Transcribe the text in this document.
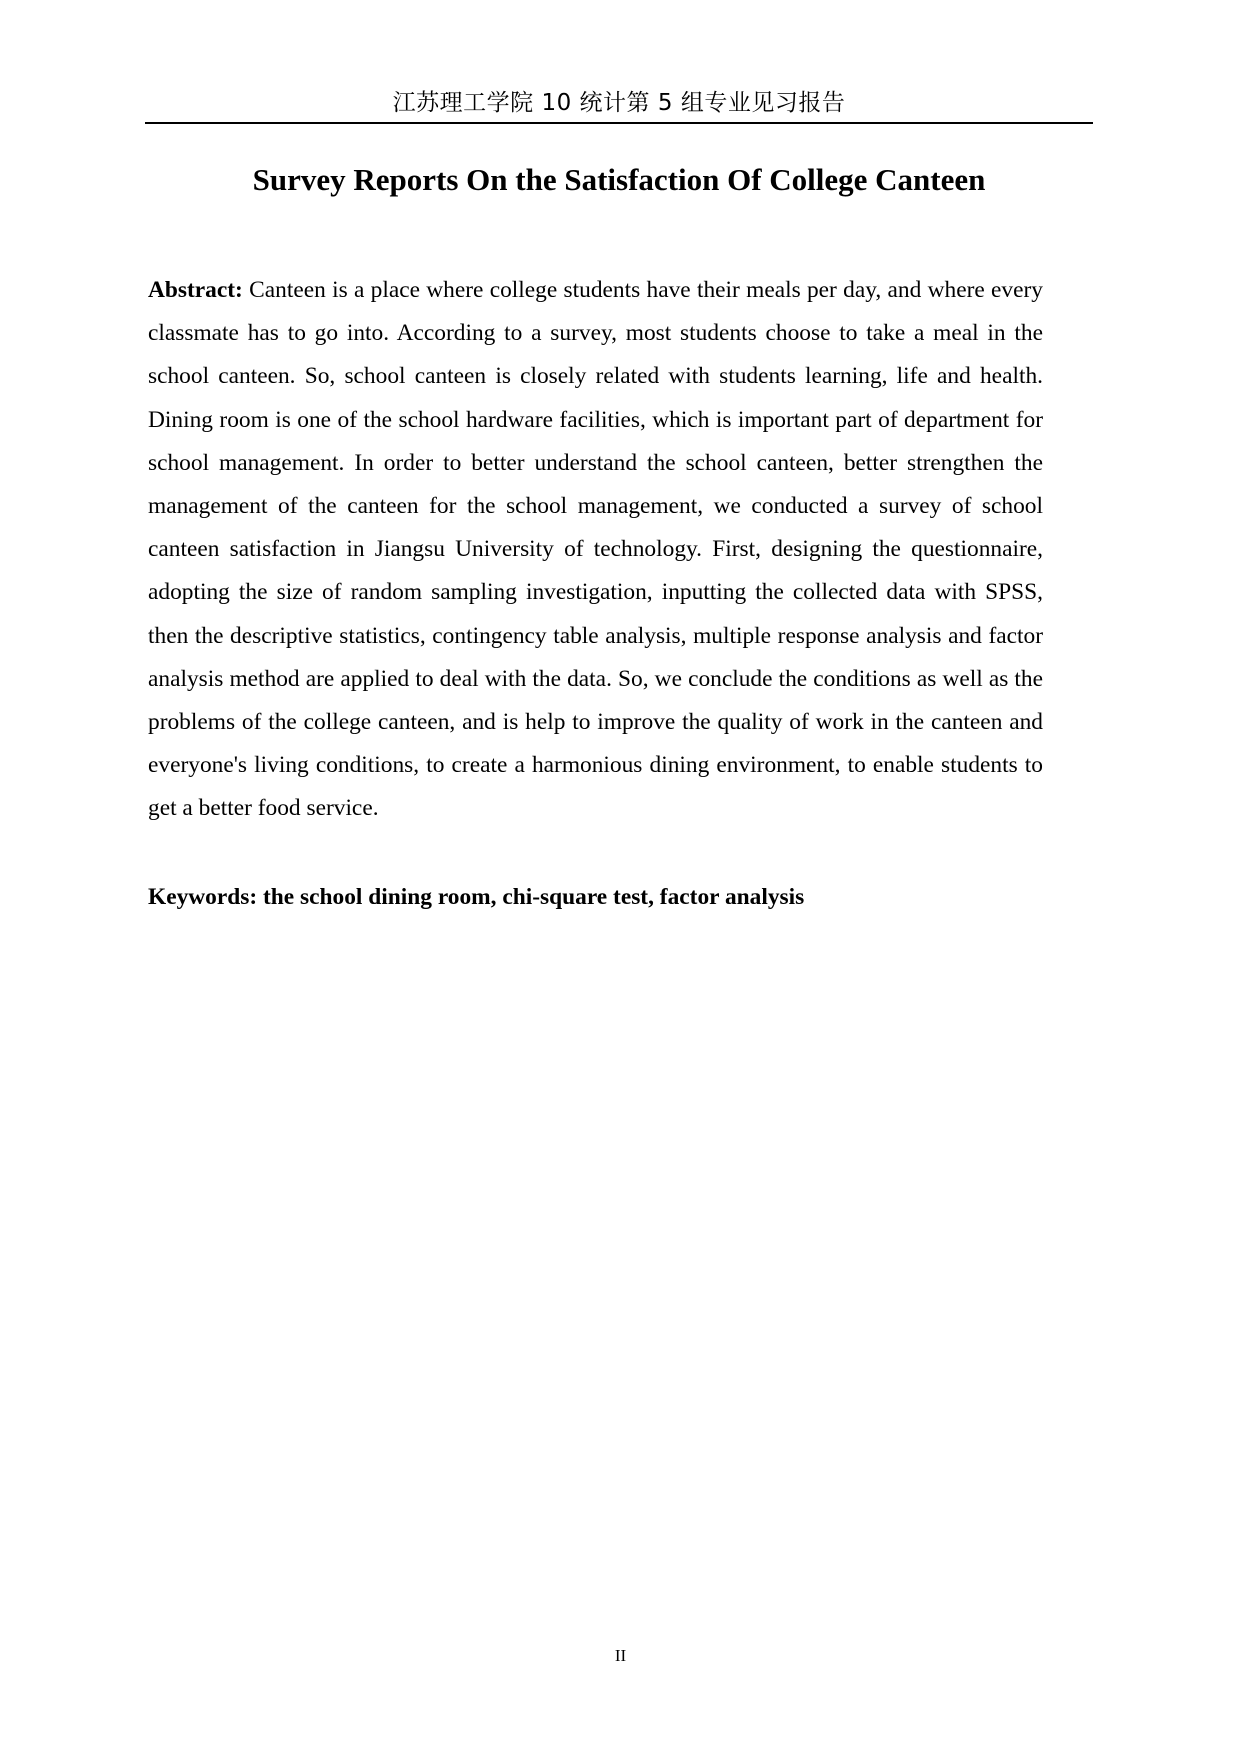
江苏理工学院 10 统计第 5 组专业见习报告
Survey Reports On the Satisfaction Of College Canteen

Abstract: Canteen is a place where college students have their meals per day, and where every classmate has to go into. According to a survey, most students choose to take a meal in the school canteen. So, school canteen is closely related with students learning, life and health. Dining room is one of the school hardware facilities, which is important part of department for school management. In order to better understand the school canteen, better strengthen the management of the canteen for the school management, we conducted a survey of school canteen satisfaction in Jiangsu University of technology. First, designing the questionnaire, adopting the size of random sampling investigation, inputting the collected data with SPSS, then the descriptive statistics, contingency table analysis, multiple response analysis and factor analysis method are applied to deal with the data. So, we conclude the conditions as well as the problems of the college canteen, and is help to improve the quality of work in the canteen and everyone's living conditions, to create a harmonious dining environment, to enable students to get a better food service.

Keywords: the school dining room, chi-square test, factor analysis

II
